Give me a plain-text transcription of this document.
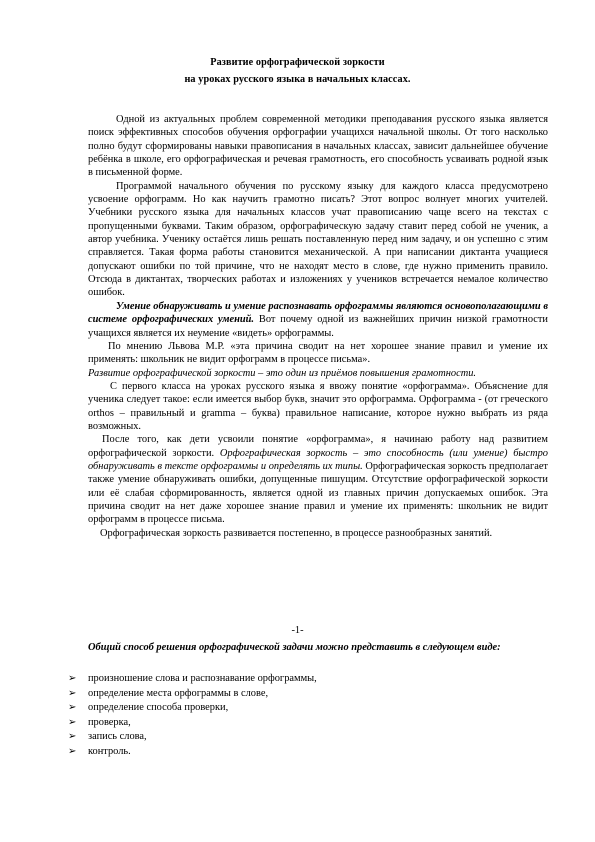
Развитие орфографической зоркости
на уроках русского языка в начальных классах.

Одной из актуальных проблем современной методики преподавания русского языка является поиск эффективных способов обучения орфографии учащихся начальной школы. От того насколько полно будут сформированы навыки правописания в начальных классах, зависит дальнейшее обучение ребёнка в школе, его орфографическая и речевая грамотность, его способность усваивать родной язык в письменной форме.

Программой начального обучения по русскому языку для каждого класса предусмотрено усвоение орфограмм. Но как научить грамотно писать? Этот вопрос волнует многих учителей. Учебники русского языка для начальных классов учат правописанию чаще всего на текстах с пропущенными буквами. Таким образом, орфографическую задачу ставит перед собой не ученик, а автор учебника. Ученику остаётся лишь решать поставленную перед ним задачу, и он успешно с этим справляется. Такая форма работы становится механической. А при написании диктанта учащиеся допускают ошибки по той причине, что не находят место в слове, где нужно применить правило. Отсюда в диктантах, творческих работах и изложениях у учеников встречается немалое количество ошибок.

Умение обнаруживать и умение распознавать орфограммы являются основополагающими в системе орфографических умений. Вот почему одной из важнейших причин низкой грамотности учащихся является их неумение «видеть» орфограммы.

По мнению Львова М.Р. «эта причина сводит на нет хорошее знание правил и умение их применять: школьник не видит орфограмм в процессе письма».

Развитие орфографической зоркости – это один из приёмов повышения грамотности.

С первого класса на уроках русского языка я ввожу понятие «орфограмма». Объяснение для ученика следует такое: если имеется выбор букв, значит это орфограмма. Орфограмма - (от греческого orthos – правильный и gramma – буква) правильное написание, которое нужно выбрать из ряда возможных.

После того, как дети усвоили понятие «орфограмма», я начинаю работу над развитием орфографической зоркости. Орфографическая зоркость – это способность (или умение) быстро обнаруживать в тексте орфограммы и определять их типы. Орфографическая зоркость предполагает также умение обнаруживать ошибки, допущенные пишущим. Отсутствие орфографической зоркости или её слабая сформированность, является одной из главных причин допускаемых ошибок. Эта причина сводит на нет даже хорошее знание правил и умение их применять: школьник не видит орфограмм в процессе письма.

Орфографическая зоркость развивается постепенно, в процессе разнообразных занятий.

-1-
Общий способ решения орфографической задачи можно представить в следующем виде:
➢ произношение слова и распознавание орфограммы,
➢ определение места орфограммы в слове,
➢ определение способа проверки,
➢ проверка,
➢ запись слова,
➢ контроль.
